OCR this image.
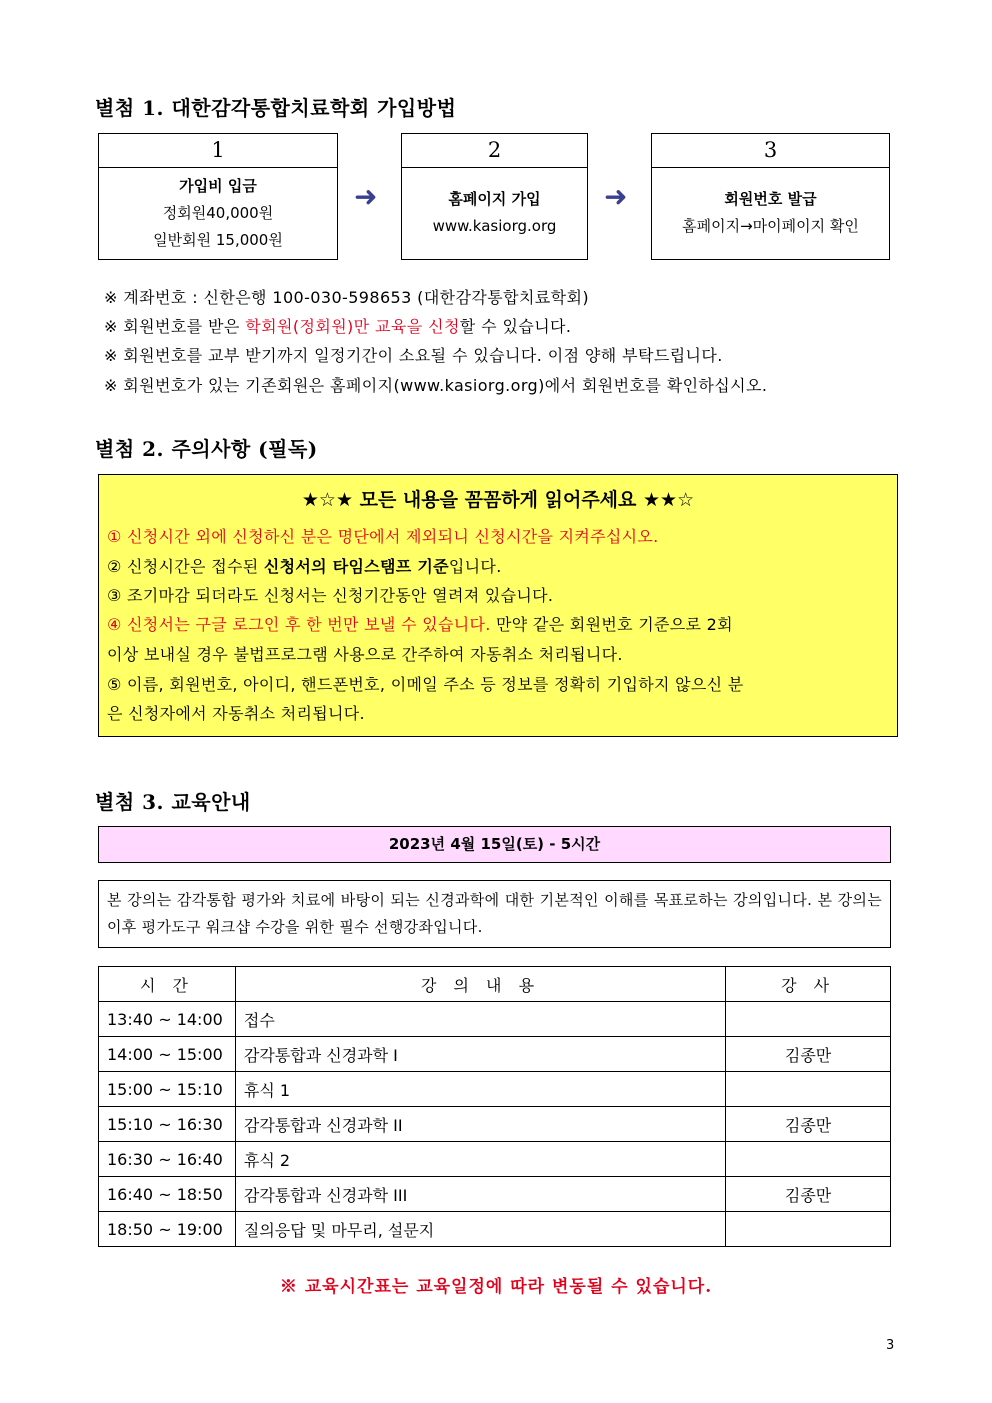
별첨 1. 대한감각통합치료학회 가입방법
1
가입비 입금
정회원40,000원
일반회원 15,000원
➜
2
홈페이지 가입
www.kasiorg.org
➜
3
회원번호 발급
홈페이지→마이페이지 확인
※ 계좌번호 : 신한은행 100-030-598653 (대한감각통합치료학회)
※ 회원번호를 받은 학회원(정회원)만 교육을 신청할 수 있습니다.
※ 회원번호를 교부 받기까지 일정기간이 소요될 수 있습니다. 이점 양해 부탁드립니다.
※ 회원번호가 있는 기존회원은 홈페이지(www.kasiorg.org)에서 회원번호를 확인하십시오.
별첨 2. 주의사항 (필독)
★☆★ 모든 내용을 꼼꼼하게 읽어주세요 ★★☆
① 신청시간 외에 신청하신 분은 명단에서 제외되니 신청시간을 지켜주십시오.
② 신청시간은 접수된 신청서의 타임스탬프 기준입니다.
③ 조기마감 되더라도 신청서는 신청기간동안 열려져 있습니다.
④ 신청서는 구글 로그인 후 한 번만 보낼 수 있습니다. 만약 같은 회원번호 기준으로 2회
이상 보내실 경우 불법프로그램 사용으로 간주하여 자동취소 처리됩니다.
⑤ 이름, 회원번호, 아이디, 핸드폰번호, 이메일 주소 등 정보를 정확히 기입하지 않으신 분
은 신청자에서 자동취소 처리됩니다.
별첨 3. 교육안내
2023년 4월 15일(토) - 5시간
본 강의는 감각통합 평가와 치료에 바탕이 되는 신경과학에 대한 기본적인 이해를 목표로하는 강의입니다. 본 강의는 이후 평가도구 워크샵 수강을 위한 필수 선행강좌입니다.
시 간	강 의 내 용	강 사
13:40 ~ 14:00	접수	
14:00 ~ 15:00	감각통합과 신경과학 I	김종만
15:00 ~ 15:10	휴식 1	
15:10 ~ 16:30	감각통합과 신경과학 II	김종만
16:30 ~ 16:40	휴식 2	
16:40 ~ 18:50	감각통합과 신경과학 III	김종만
18:50 ~ 19:00	질의응답 및 마무리, 설문지	
※ 교육시간표는 교육일정에 따라 변동될 수 있습니다.
3
